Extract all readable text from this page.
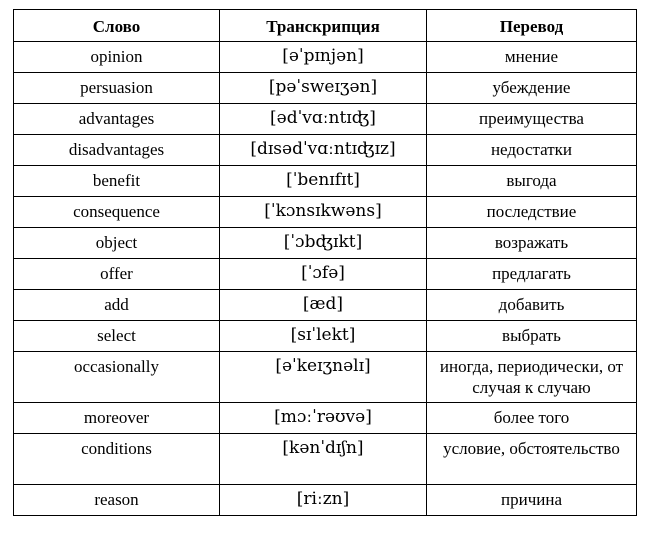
Слово	Транскрипция	Перевод
opinion	[əˈpɪnjən]	мнение
persuasion	[pəˈsweɪʒən]	убеждение
advantages	[ədˈvɑːntɪʤ]	преимущества
disadvantages	[dɪsədˈvɑːntɪʤɪz]	недостатки
benefit	[ˈbenɪfɪt]	выгода
consequence	[ˈkɔnsɪkwəns]	последствие
object	[ˈɔbʤɪkt]	возражать
offer	[ˈɔfə]	предлагать
add	[æd]	добавить
select	[sɪˈlekt]	выбрать
occasionally	[əˈkeɪʒnəlɪ]	иногда, периодически, от случая к случаю
moreover	[mɔːˈrəʊvə]	более того
conditions	[kənˈdɪʃn]	условие, обстоятельство
reason	[riːzn]	причина
